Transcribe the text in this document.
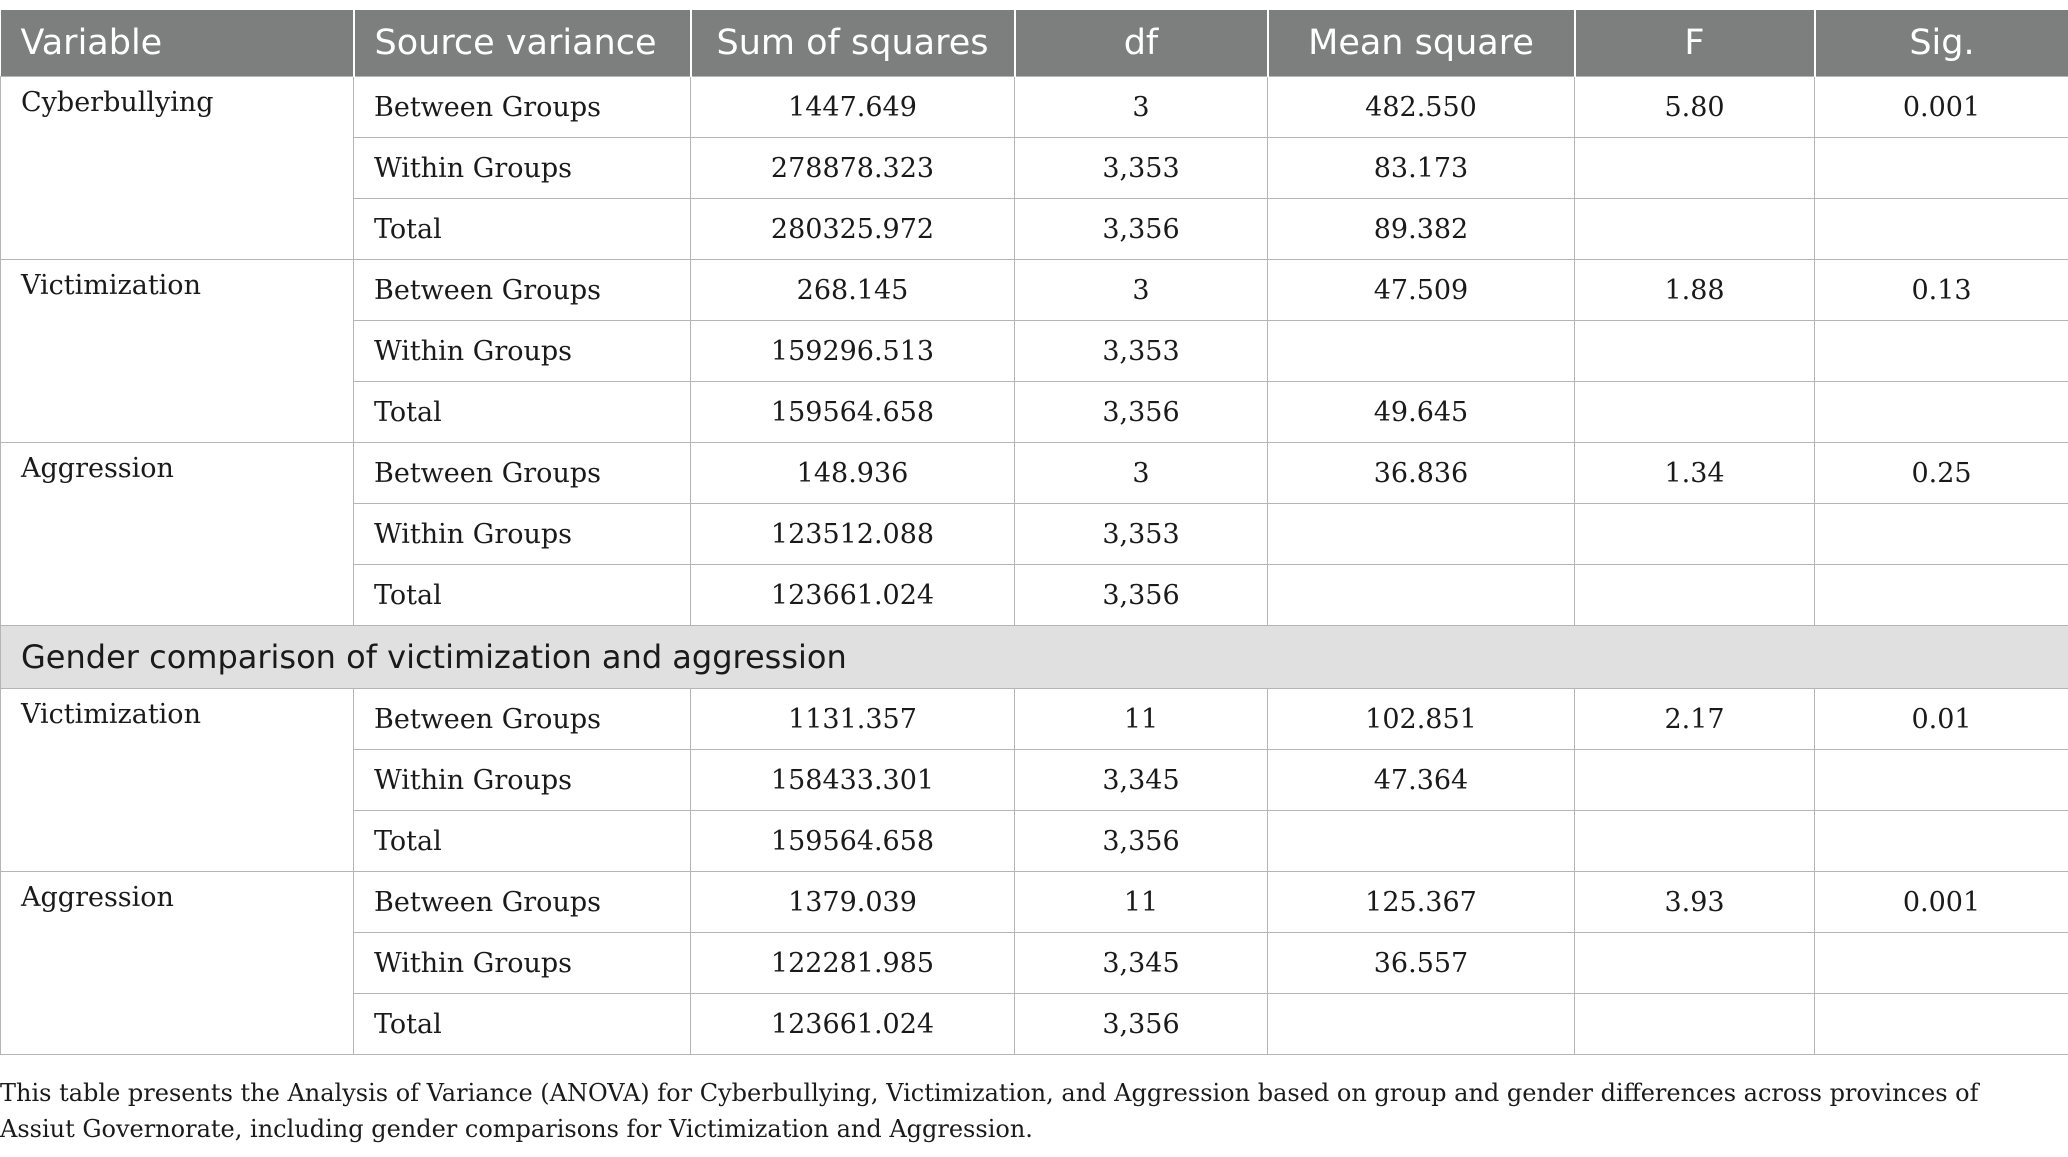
Variable	Source variance	Sum of squares	df	Mean square	F	Sig.
Cyberbullying	Between Groups	1447.649	3	482.550	5.80	0.001
	Within Groups	278878.323	3,353	83.173		
	Total	280325.972	3,356	89.382		
Victimization	Between Groups	268.145	3	47.509	1.88	0.13
	Within Groups	159296.513	3,353			
	Total	159564.658	3,356	49.645		
Aggression	Between Groups	148.936	3	36.836	1.34	0.25
	Within Groups	123512.088	3,353			
	Total	123661.024	3,356			
Gender comparison of victimization and aggression						
Victimization	Between Groups	1131.357	11	102.851	2.17	0.01
	Within Groups	158433.301	3,345	47.364		
	Total	159564.658	3,356			
Aggression	Between Groups	1379.039	11	125.367	3.93	0.001
	Within Groups	122281.985	3,345	36.557		
	Total	123661.024	3,356			

This table presents the Analysis of Variance (ANOVA) for Cyberbullying, Victimization, and Aggression based on group and gender differences across provinces of Assiut Governorate, including gender comparisons for Victimization and Aggression.
